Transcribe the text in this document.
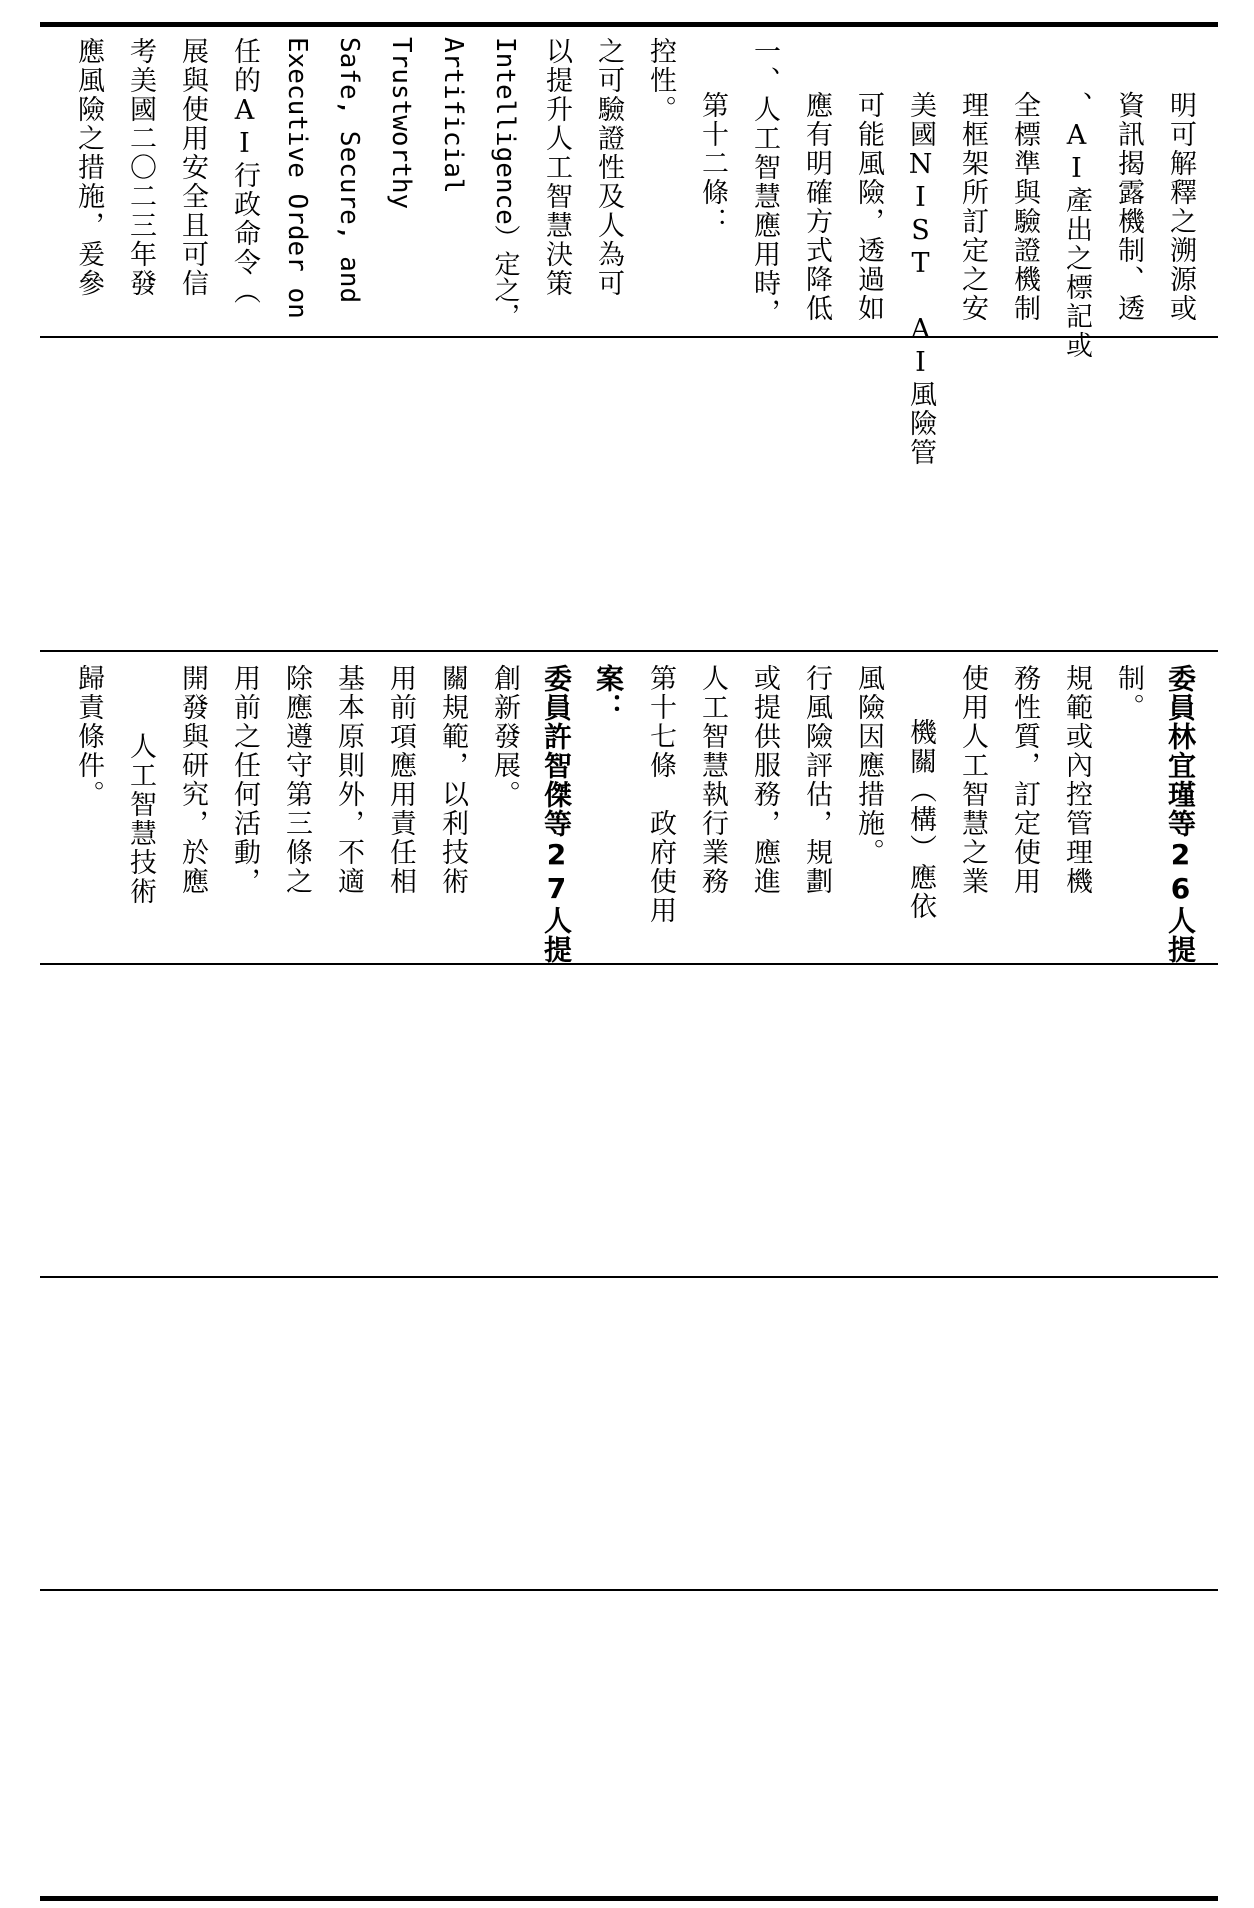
應風險之措施，爰參 考美國二〇二三年發 展與使用安全且可信 任的AI行政命令（ Executive Order on Safe, Secure, and Trustworthy Artificial Intelligence）定之， 以提升人工智慧決策 之可驗證性及人為可 控性。
第十二條： 一、人工智慧應用時， 應有明確方式降低 可能風險，透過如 美國NIST AI風險管 理框架所訂定之安 全標準與驗證機制 、AI產出之標記或 資訊揭露機制、透 明可解釋之溯源或
歸責條件。 人工智慧技術 開發與研究，於應 用前之任何活動， 除應遵守第三條之 基本原則外，不適 用前項應用責任相 關規範，以利技術 創新發展。 委員許智傑等27人提 案： 第十七條　政府使用 人工智慧執行業務 或提供服務，應進 行風險評估，規劃 風險因應措施。 機關（構）應依 使用人工智慧之業 務性質，訂定使用 規範或內控管理機 制。 委員林宜瑾等26人提
